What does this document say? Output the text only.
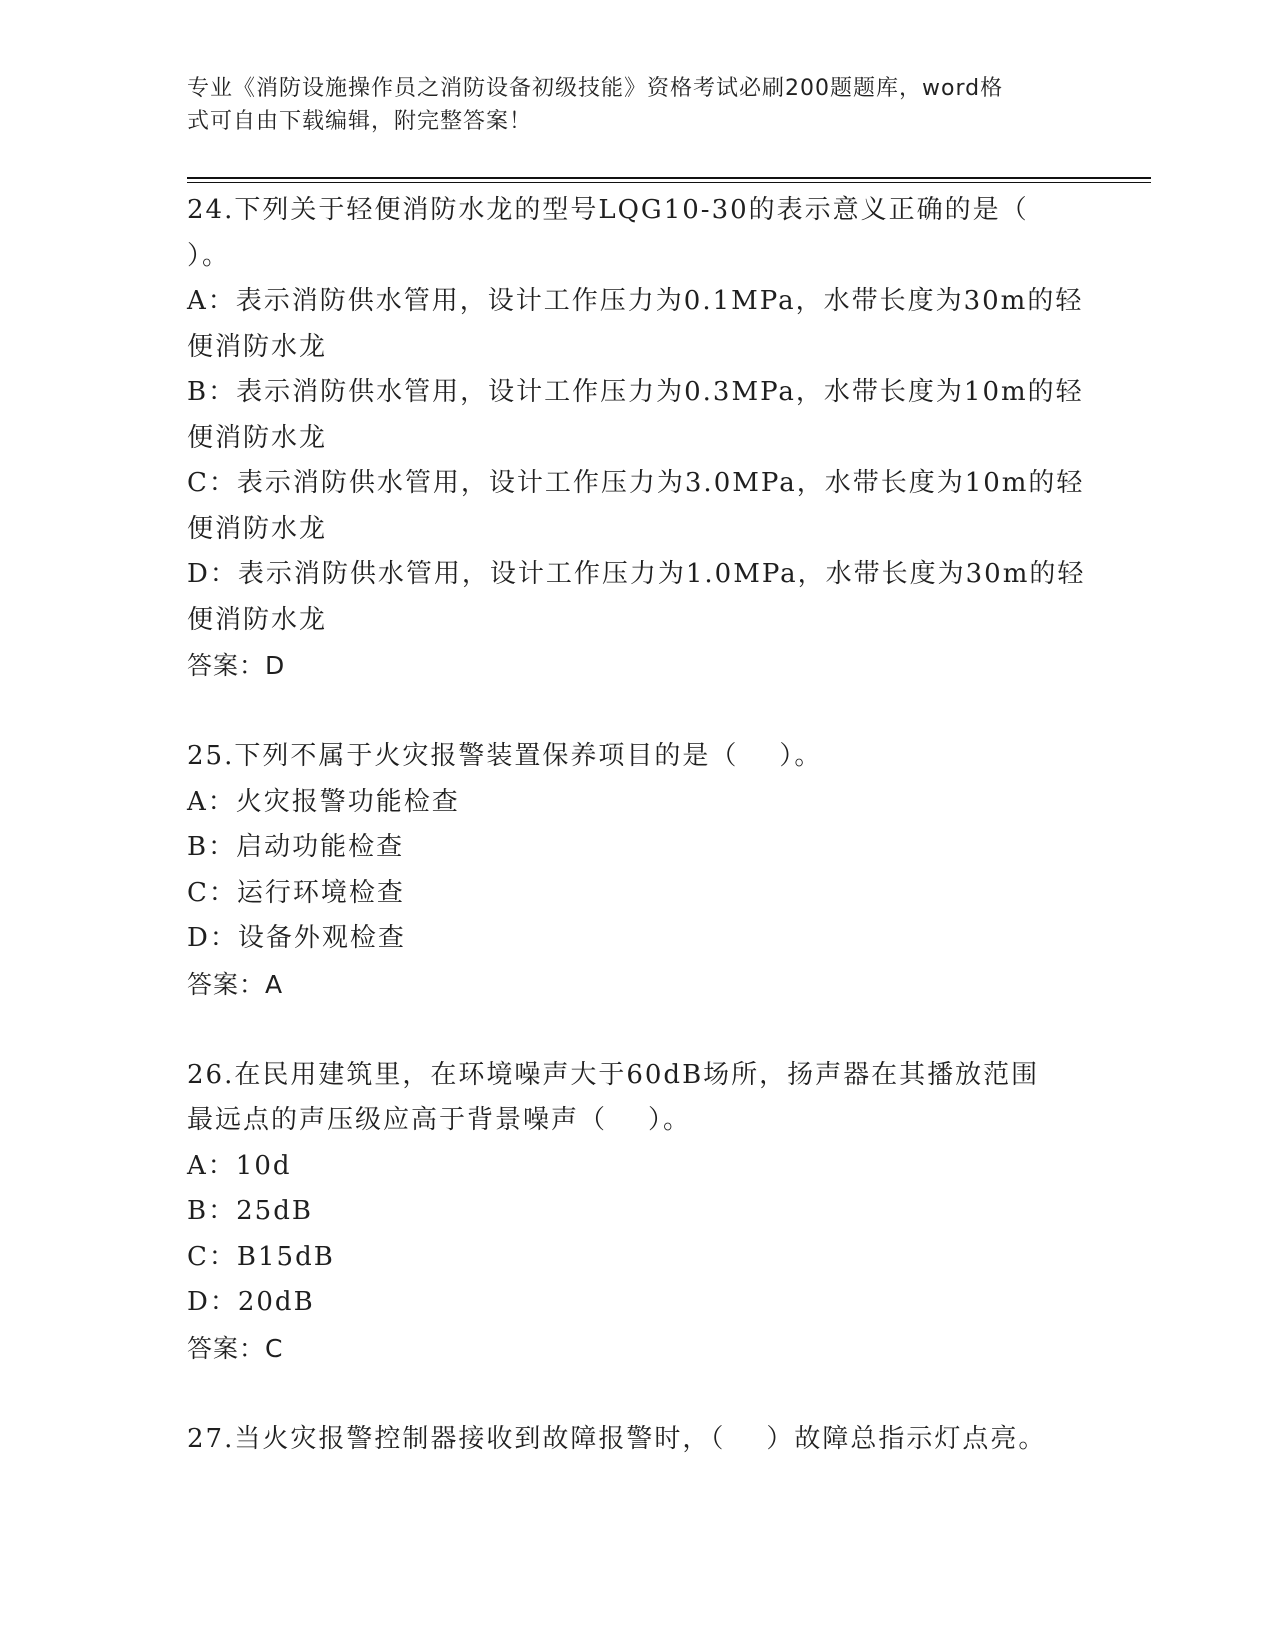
专业《消防设施操作员之消防设备初级技能》资格考试必刷200题题库，word格
式可自由下载编辑，附完整答案！
24.下列关于轻便消防水龙的型号LQG10-30的表示意义正确的是（
）。
A：表示消防供水管用，设计工作压力为0.1MPa，水带长度为30m的轻
便消防水龙
B：表示消防供水管用，设计工作压力为0.3MPa，水带长度为10m的轻
便消防水龙
C：表示消防供水管用，设计工作压力为3.0MPa，水带长度为10m的轻
便消防水龙
D：表示消防供水管用，设计工作压力为1.0MPa，水带长度为30m的轻
便消防水龙
答案：D
25.下列不属于火灾报警装置保养项目的是（    ）。
A：火灾报警功能检查
B：启动功能检查
C：运行环境检查
D：设备外观检查
答案：A
26.在民用建筑里，在环境噪声大于60dB场所，扬声器在其播放范围
最远点的声压级应高于背景噪声（    ）。
A：10d
B：25dB
C：B15dB
D：20dB
答案：C
27.当火灾报警控制器接收到故障报警时，（    ）故障总指示灯点亮。
